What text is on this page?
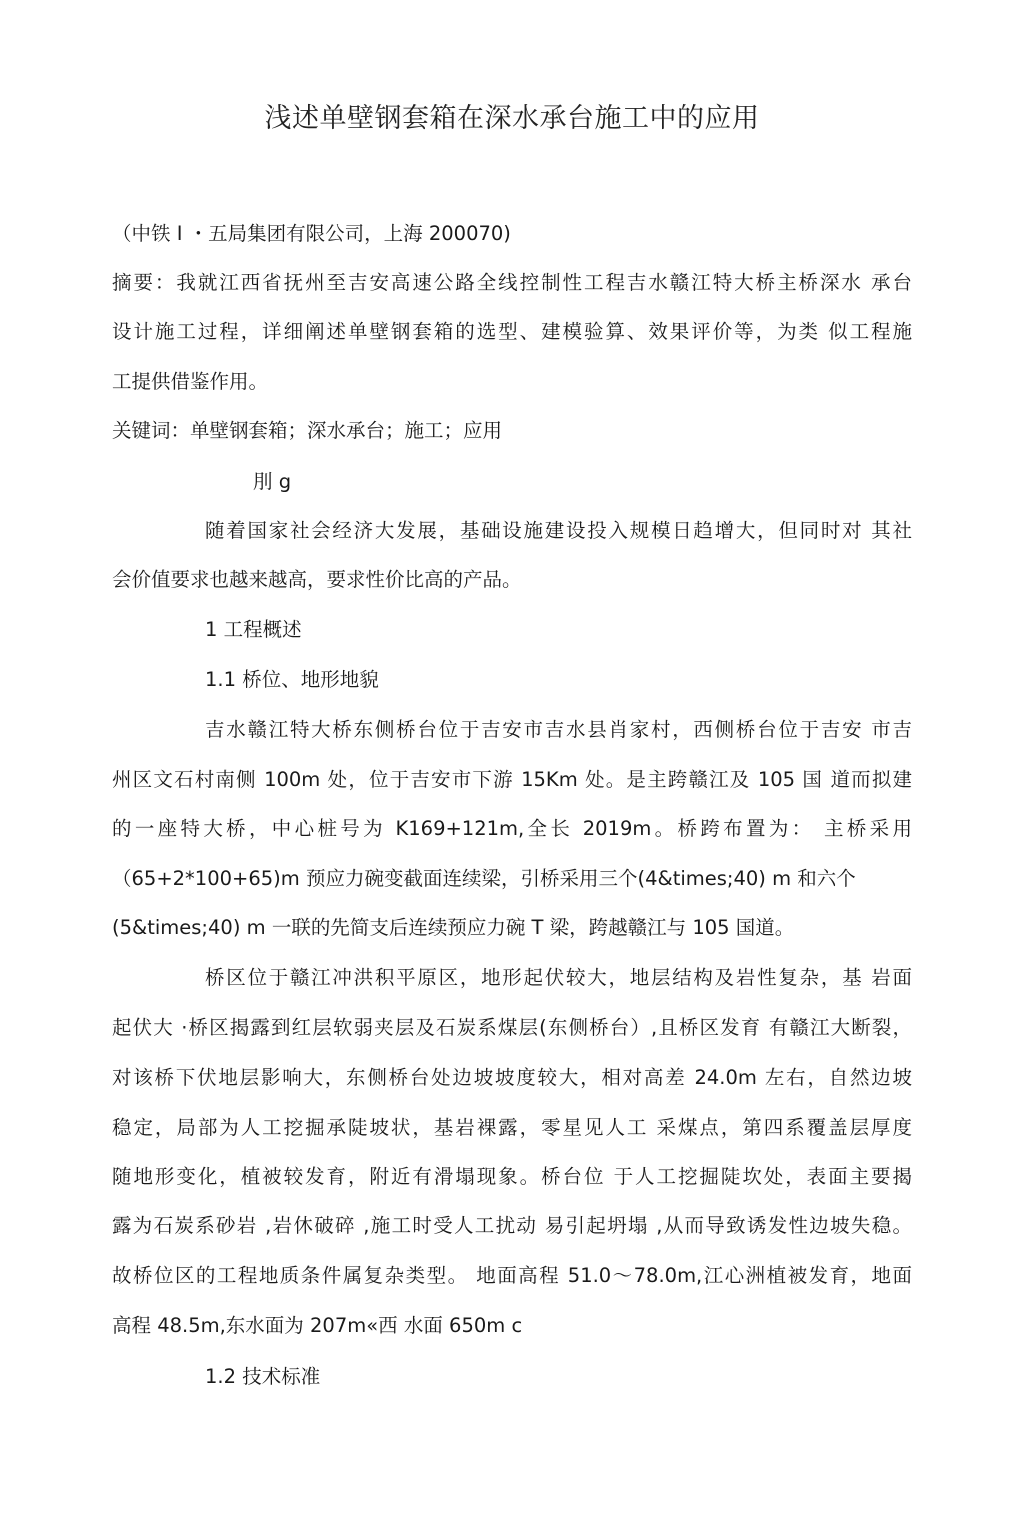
浅述单壁钢套箱在深水承台施工中的应用
（中铁 I ・五局集团有限公司，上海 200070)
摘要：我就江西省抚州至吉安高速公路全线控制性工程吉水赣江特大桥主桥深水 承台
设计施工过程，详细阐述单壁钢套箱的选型、建模验算、效果评价等，为类 似工程施
工提供借鉴作用。
关键词：单壁钢套箱；深水承台；施工；应用
刖 g
随着国家社会经济大发展，基础设施建设投入规模日趋增大，但同时对 其社
会价值要求也越来越高，要求性价比高的产品。
1 工程概述
1.1 桥位、地形地貌
吉水赣江特大桥东侧桥台位于吉安市吉水县肖家村，西侧桥台位于吉安 市吉
州区文石村南侧 100m 处，位于吉安市下游 15Km 处。是主跨赣江及 105 国 道而拟建
的一座特大桥，中心桩号为 K169+121m,全长 2019m。桥跨布置为： 主桥采用
（65+2*100+65)m 预应力碗变截面连续梁，引桥采用三个(4&times;40) m 和六个
(5&times;40) m 一联的先简支后连续预应力碗 T 梁，跨越赣江与 105 国道。
桥区位于赣江冲洪积平原区，地形起伏较大，地层结构及岩性复杂，基 岩面
起伏大 ·桥区揭露到红层软弱夹层及石炭系煤层(东侧桥台）,且桥区发育 有赣江大断裂，
对该桥下伏地层影响大，东侧桥台处边坡坡度较大，相对高差 24.0m 左右，自然边坡
稳定，局部为人工挖掘承陡坡状，基岩裸露，零星见人工 采煤点，第四系覆盖层厚度
随地形变化，植被较发育，附近有滑塌现象。桥台位 于人工挖掘陡坎处，表面主要揭
露为石炭系砂岩 ,岩休破碎 ,施工时受人工扰动 易引起坍塌 ,从而导致诱发性边坡失稳。
故桥位区的工程地质条件属复杂类型。 地面高程 51.0～78.0m,江心洲植被发育，地面
高程 48.5m,东水面为 207m«西 水面 650m c
1.2 技术标准
